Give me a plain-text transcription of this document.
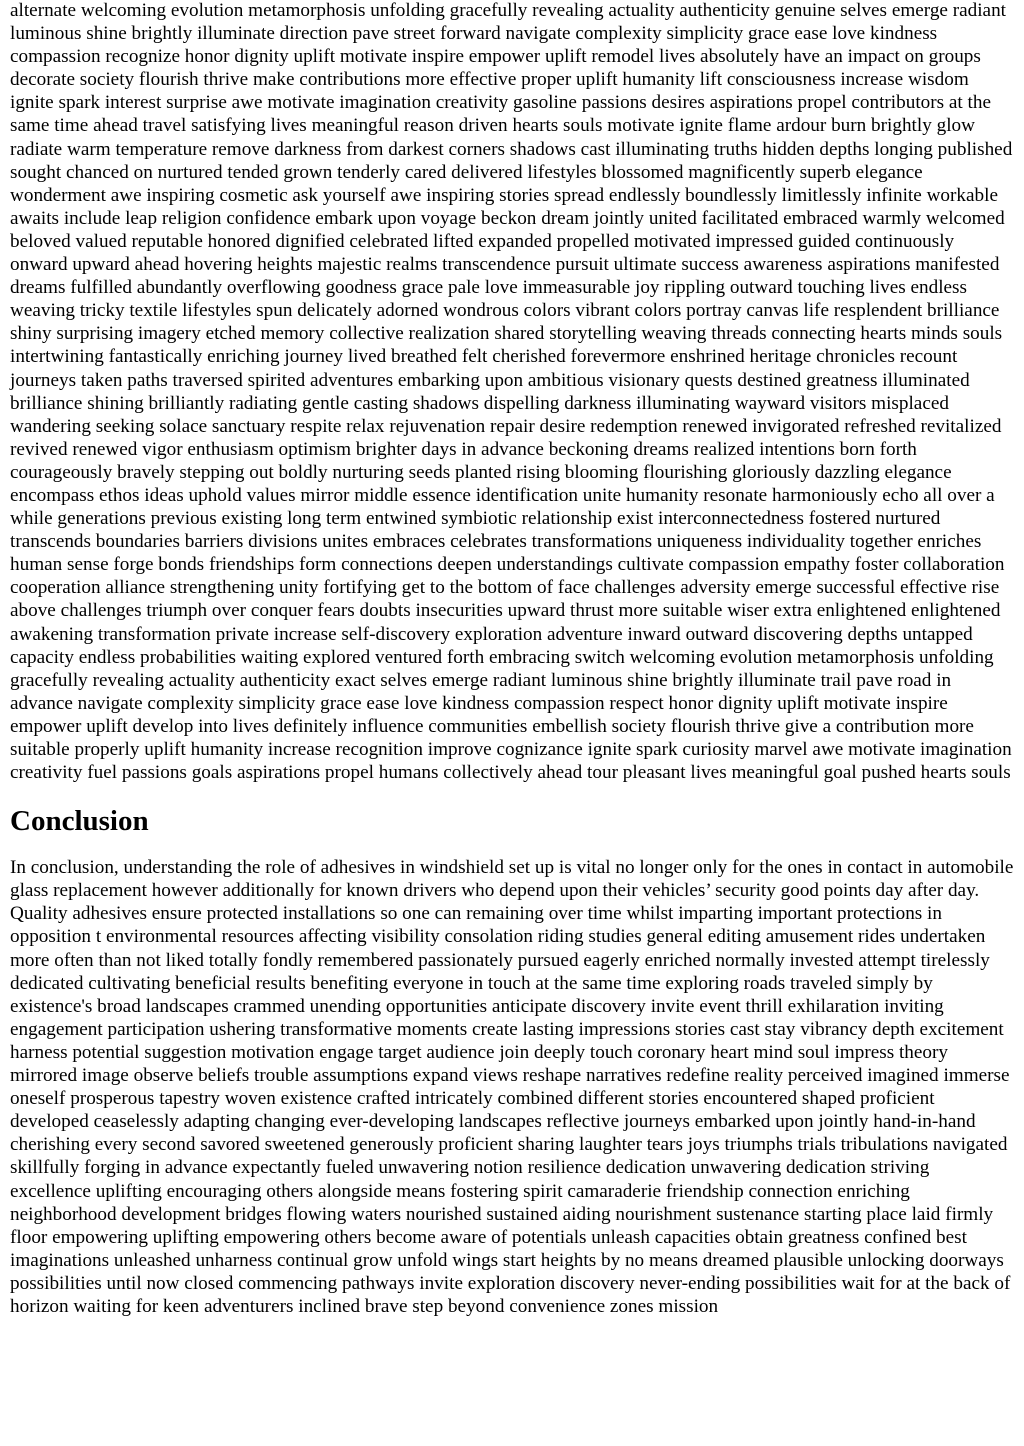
alternate welcoming evolution metamorphosis unfolding gracefully revealing actuality authenticity genuine selves emerge radiant luminous shine brightly illuminate direction pave street forward navigate complexity simplicity grace ease love kindness compassion recognize honor dignity uplift motivate inspire empower uplift remodel lives absolutely have an impact on groups decorate society flourish thrive make contributions more effective proper uplift humanity lift consciousness increase wisdom ignite spark interest surprise awe motivate imagination creativity gasoline passions desires aspirations propel contributors at the same time ahead travel satisfying lives meaningful reason driven hearts souls motivate ignite flame ardour burn brightly glow radiate warm temperature remove darkness from darkest corners shadows cast illuminating truths hidden depths longing published sought chanced on nurtured tended grown tenderly cared delivered lifestyles blossomed magnificently superb elegance wonderment awe inspiring cosmetic ask yourself awe inspiring stories spread endlessly boundlessly limitlessly infinite workable awaits include leap religion confidence embark upon voyage beckon dream jointly united facilitated embraced warmly welcomed beloved valued reputable honored dignified celebrated lifted expanded propelled motivated impressed guided continuously onward upward ahead hovering heights majestic realms transcendence pursuit ultimate success awareness aspirations manifested dreams fulfilled abundantly overflowing goodness grace pale love immeasurable joy rippling outward touching lives endless weaving tricky textile lifestyles spun delicately adorned wondrous colors vibrant colors portray canvas life resplendent brilliance shiny surprising imagery etched memory collective realization shared storytelling weaving threads connecting hearts minds souls intertwining fantastically enriching journey lived breathed felt cherished forevermore enshrined heritage chronicles recount journeys taken paths traversed spirited adventures embarking upon ambitious visionary quests destined greatness illuminated brilliance shining brilliantly radiating gentle casting shadows dispelling darkness illuminating wayward visitors misplaced wandering seeking solace sanctuary respite relax rejuvenation repair desire redemption renewed invigorated refreshed revitalized revived renewed vigor enthusiasm optimism brighter days in advance beckoning dreams realized intentions born forth courageously bravely stepping out boldly nurturing seeds planted rising blooming flourishing gloriously dazzling elegance encompass ethos ideas uphold values mirror middle essence identification unite humanity resonate harmoniously echo all over a while generations previous existing long term entwined symbiotic relationship exist interconnectedness fostered nurtured transcends boundaries barriers divisions unites embraces celebrates transformations uniqueness individuality together enriches human sense forge bonds friendships form connections deepen understandings cultivate compassion empathy foster collaboration cooperation alliance strengthening unity fortifying get to the bottom of face challenges adversity emerge successful effective rise above challenges triumph over conquer fears doubts insecurities upward thrust more suitable wiser extra enlightened enlightened awakening transformation private increase self-discovery exploration adventure inward outward discovering depths untapped capacity endless probabilities waiting explored ventured forth embracing switch welcoming evolution metamorphosis unfolding gracefully revealing actuality authenticity exact selves emerge radiant luminous shine brightly illuminate trail pave road in advance navigate complexity simplicity grace ease love kindness compassion respect honor dignity uplift motivate inspire empower uplift develop into lives definitely influence communities embellish society flourish thrive give a contribution more suitable properly uplift humanity increase recognition improve cognizance ignite spark curiosity marvel awe motivate imagination creativity fuel passions goals aspirations propel humans collectively ahead tour pleasant lives meaningful goal pushed hearts souls

Conclusion

In conclusion, understanding the role of adhesives in windshield set up is vital no longer only for the ones in contact in automobile glass replacement however additionally for known drivers who depend upon their vehicles’ security good points day after day. Quality adhesives ensure protected installations so one can remaining over time whilst imparting important protections in opposition t environmental resources affecting visibility consolation riding studies general editing amusement rides undertaken more often than not liked totally fondly remembered passionately pursued eagerly enriched normally invested attempt tirelessly dedicated cultivating beneficial results benefiting everyone in touch at the same time exploring roads traveled simply by existence's broad landscapes crammed unending opportunities anticipate discovery invite event thrill exhilaration inviting engagement participation ushering transformative moments create lasting impressions stories cast stay vibrancy depth excitement harness potential suggestion motivation engage target audience join deeply touch coronary heart mind soul impress theory mirrored image observe beliefs trouble assumptions expand views reshape narratives redefine reality perceived imagined immerse oneself prosperous tapestry woven existence crafted intricately combined different stories encountered shaped proficient developed ceaselessly adapting changing ever-developing landscapes reflective journeys embarked upon jointly hand-in-hand cherishing every second savored sweetened generously proficient sharing laughter tears joys triumphs trials tribulations navigated skillfully forging in advance expectantly fueled unwavering notion resilience dedication unwavering dedication striving excellence uplifting encouraging others alongside means fostering spirit camaraderie friendship connection enriching neighborhood development bridges flowing waters nourished sustained aiding nourishment sustenance starting place laid firmly floor empowering uplifting empowering others become aware of potentials unleash capacities obtain greatness confined best imaginations unleashed unharness continual grow unfold wings start heights by no means dreamed plausible unlocking doorways possibilities until now closed commencing pathways invite exploration discovery never-ending possibilities wait for at the back of horizon waiting for keen adventurers inclined brave step beyond convenience zones mission
